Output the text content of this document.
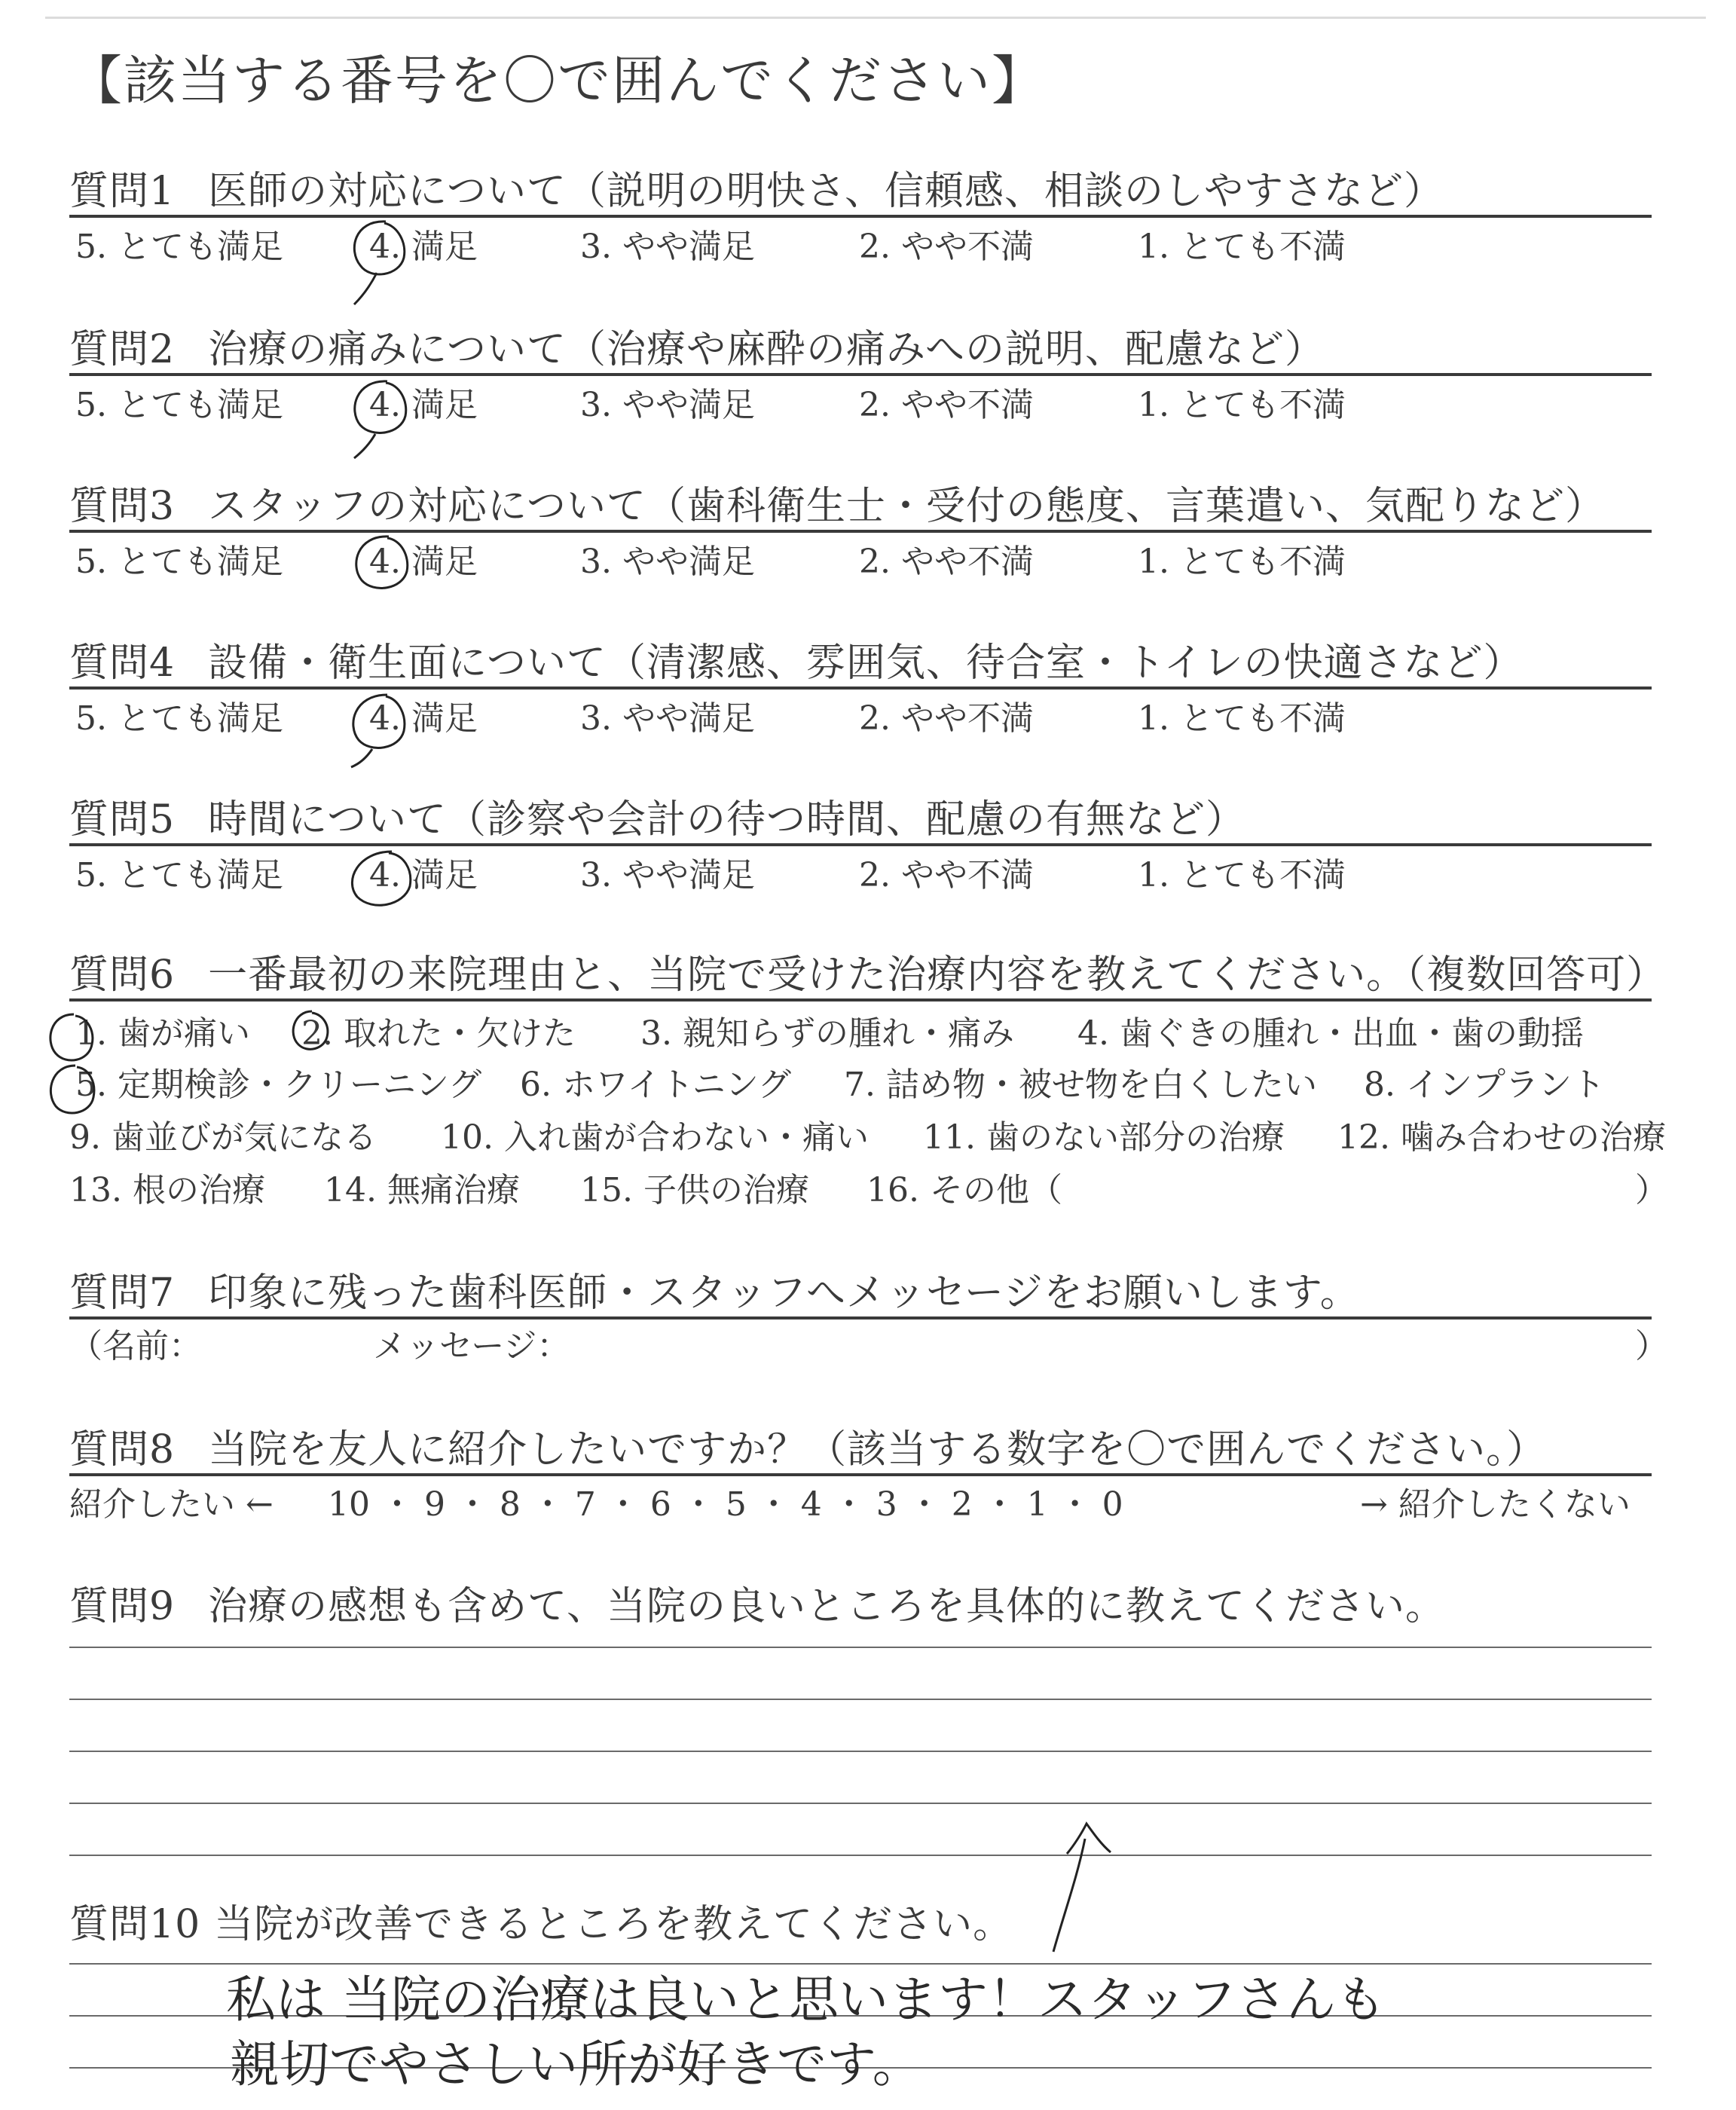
【該当する番号を〇で囲んでください】
質問1 医師の対応について（説明の明快さ、信頼感、相談のしやすさなど）
5. とても満足	4. 満足	3. やや満足	2. やや不満	1. とても不満
質問2 治療の痛みについて（治療や麻酔の痛みへの説明、配慮など）
5. とても満足	4. 満足	3. やや満足	2. やや不満	1. とても不満
質問3 スタッフの対応について（歯科衛生士・受付の態度、言葉遣い、気配りなど）
5. とても満足	4. 満足	3. やや満足	2. やや不満	1. とても不満
質問4 設備・衛生面について（清潔感、雰囲気、待合室・トイレの快適さなど）
5. とても満足	4. 満足	3. やや満足	2. やや不満	1. とても不満
質問5 時間について（診察や会計の待つ時間、配慮の有無など）
5. とても満足	4. 満足	3. やや満足	2. やや不満	1. とても不満
質問6 一番最初の来院理由と、当院で受けた治療内容を教えてください。（複数回答可）
1. 歯が痛い 2. 取れた・欠けた 3. 親知らずの腫れ・痛み 4. 歯ぐきの腫れ・出血・歯の動揺
5. 定期検診・クリーニング 6. ホワイトニング 7. 詰め物・被せ物を白くしたい 8. インプラント
9. 歯並びが気になる 10. 入れ歯が合わない・痛い 11. 歯のない部分の治療 12. 噛み合わせの治療
13. 根の治療 14. 無痛治療 15. 子供の治療 16. その他（	）
質問7 印象に残った歯科医師・スタッフへメッセージをお願いします。
（名前：	メッセージ：	）
質問8 当院を友人に紹介したいですか？（該当する数字を〇で囲んでください。）
紹介したい ← 10 ・ 9 ・ 8 ・ 7 ・ 6 ・ 5 ・ 4 ・ 3 ・ 2 ・ 1 ・ 0	→ 紹介したくない
質問9 治療の感想も含めて、当院の良いところを具体的に教えてください。
質問10 当院が改善できるところを教えてください。
私は 当院の治療は良いと思います！スタッフさんも
親切でやさしい所が好きです。
